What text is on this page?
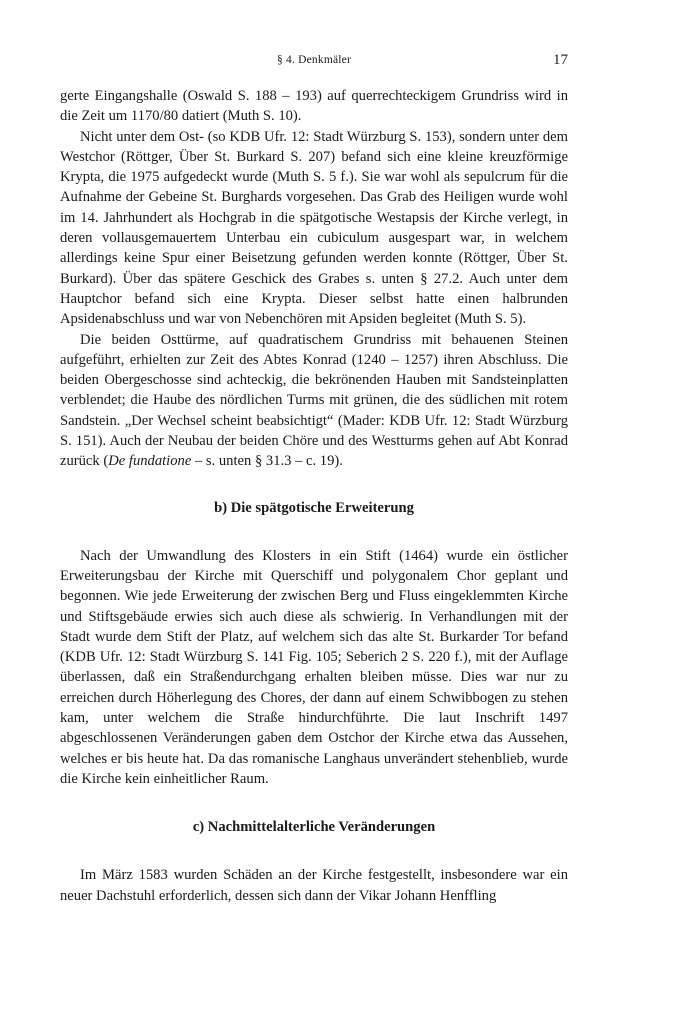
§ 4. Denkmäler	17

gerte Eingangshalle (Oswald S. 188 – 193) auf querrechteckigem Grundriss wird in die Zeit um 1170/80 datiert (Muth S. 10).

Nicht unter dem Ost- (so KDB Ufr. 12: Stadt Würzburg S. 153), sondern unter dem Westchor (Röttger, Über St. Burkard S. 207) befand sich eine kleine kreuzförmige Krypta, die 1975 aufgedeckt wurde (Muth S. 5 f.). Sie war wohl als sepulcrum für die Aufnahme der Gebeine St. Burghards vorgesehen. Das Grab des Heiligen wurde wohl im 14. Jahrhundert als Hochgrab in die spätgotische Westapsis der Kirche verlegt, in deren vollausgemauertem Unterbau ein cubiculum ausgespart war, in welchem allerdings keine Spur einer Beisetzung gefunden werden konnte (Röttger, Über St. Burkard). Über das spätere Geschick des Grabes s. unten § 27.2. Auch unter dem Hauptchor befand sich eine Krypta. Dieser selbst hatte einen halbrunden Apsidenabschluss und war von Nebenchören mit Apsiden begleitet (Muth S. 5).

Die beiden Osttürme, auf quadratischem Grundriss mit behauenen Steinen aufgeführt, erhielten zur Zeit des Abtes Konrad (1240 – 1257) ihren Abschluss. Die beiden Obergeschosse sind achteckig, die bekrönenden Hauben mit Sandsteinplatten verblendet; die Haube des nördlichen Turms mit grünen, die des südlichen mit rotem Sandstein. „Der Wechsel scheint beabsichtigt“ (Mader: KDB Ufr. 12: Stadt Würzburg S. 151). Auch der Neubau der beiden Chöre und des Westturms gehen auf Abt Konrad zurück (De fundatione – s. unten § 31.3 – c. 19).

b) Die spätgotische Erweiterung

Nach der Umwandlung des Klosters in ein Stift (1464) wurde ein östlicher Erweiterungsbau der Kirche mit Querschiff und polygonalem Chor geplant und begonnen. Wie jede Erweiterung der zwischen Berg und Fluss eingeklemmten Kirche und Stiftsgebäude erwies sich auch diese als schwierig. In Verhandlungen mit der Stadt wurde dem Stift der Platz, auf welchem sich das alte St. Burkarder Tor befand (KDB Ufr. 12: Stadt Würzburg S. 141 Fig. 105; Seberich 2 S. 220 f.), mit der Auflage überlassen, daß ein Straßendurchgang erhalten bleiben müsse. Dies war nur zu erreichen durch Höherlegung des Chores, der dann auf einem Schwibbogen zu stehen kam, unter welchem die Straße hindurchführte. Die laut Inschrift 1497 abgeschlossenen Veränderungen gaben dem Ostchor der Kirche etwa das Aussehen, welches er bis heute hat. Da das romanische Langhaus unverändert stehenblieb, wurde die Kirche kein einheitlicher Raum.

c) Nachmittelalterliche Veränderungen

Im März 1583 wurden Schäden an der Kirche festgestellt, insbesondere war ein neuer Dachstuhl erforderlich, dessen sich dann der Vikar Johann Henffling
